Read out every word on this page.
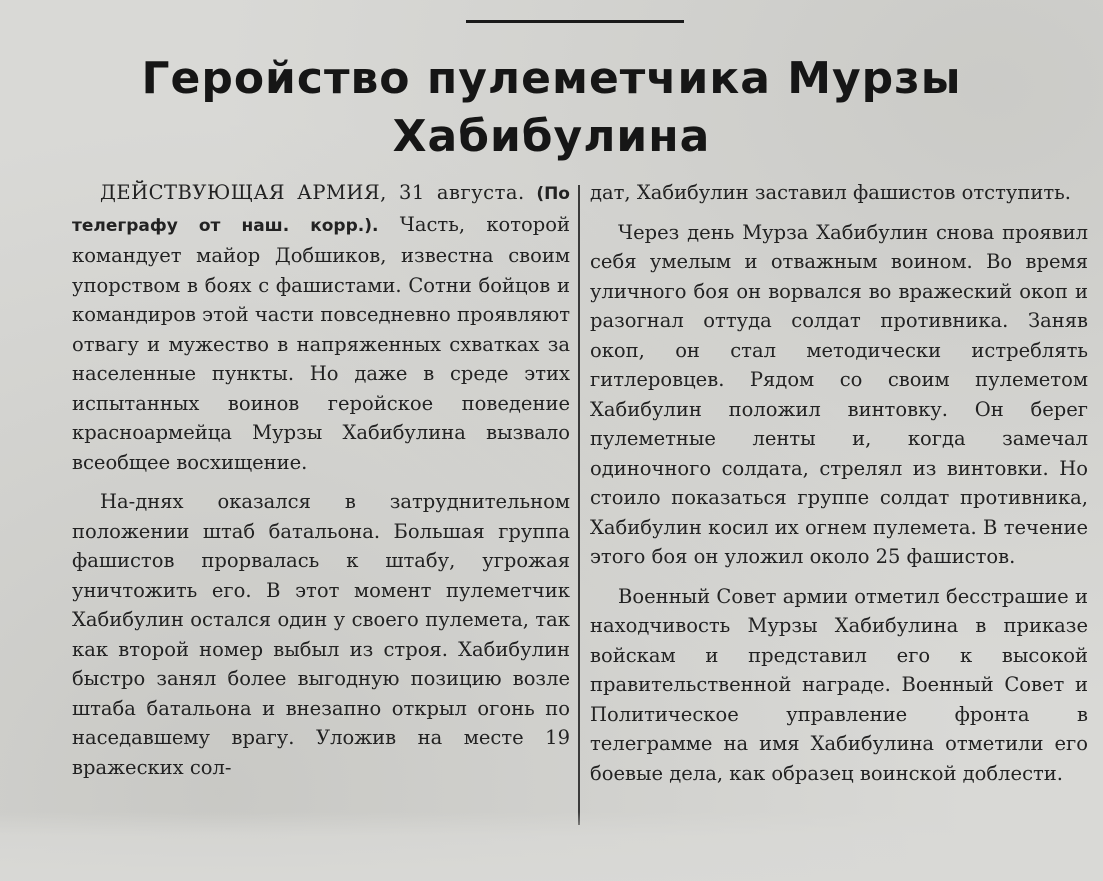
Геройство пулеметчика Мурзы
Хабибулина

ДЕЙСТВУЮЩАЯ АРМИЯ, 31 августа. (По телеграфу от наш. корр.). Часть, которой командует майор Добшиков, известна своим упорством в боях с фашистами. Сотни бойцов и командиров этой части повседневно проявляют отвагу и мужество в напряженных схватках за населенные пункты. Но даже в среде этих испытанных воинов геройское поведение красноармейца Мурзы Хабибулина вызвало всеобщее восхищение.

На-днях оказался в затруднительном положении штаб батальона. Большая группа фашистов прорвалась к штабу, угрожая уничтожить его. В этот момент пулеметчик Хабибулин остался один у своего пулемета, так как второй номер выбыл из строя. Хабибулин быстро занял более выгодную позицию возле штаба батальона и внезапно открыл огонь по наседавшему врагу. Уложив на месте 19 вражеских сол-

дат, Хабибулин заставил фашистов отступить.

Через день Мурза Хабибулин снова проявил себя умелым и отважным воином. Во время уличного боя он ворвался во вражеский окоп и разогнал оттуда солдат противника. Заняв окоп, он стал методически истреблять гитлеровцев. Рядом со своим пулеметом Хабибулин положил винтовку. Он берег пулеметные ленты и, когда замечал одиночного солдата, стрелял из винтовки. Но стоило показаться группе солдат противника, Хабибулин косил их огнем пулемета. В течение этого боя он уложил около 25 фашистов.

Военный Совет армии отметил бесстрашие и находчивость Мурзы Хабибулина в приказе войскам и представил его к высокой правительственной награде. Военный Совет и Политическое управление фронта в телеграмме на имя Хабибулина отметили его боевые дела, как образец воинской доблести.
